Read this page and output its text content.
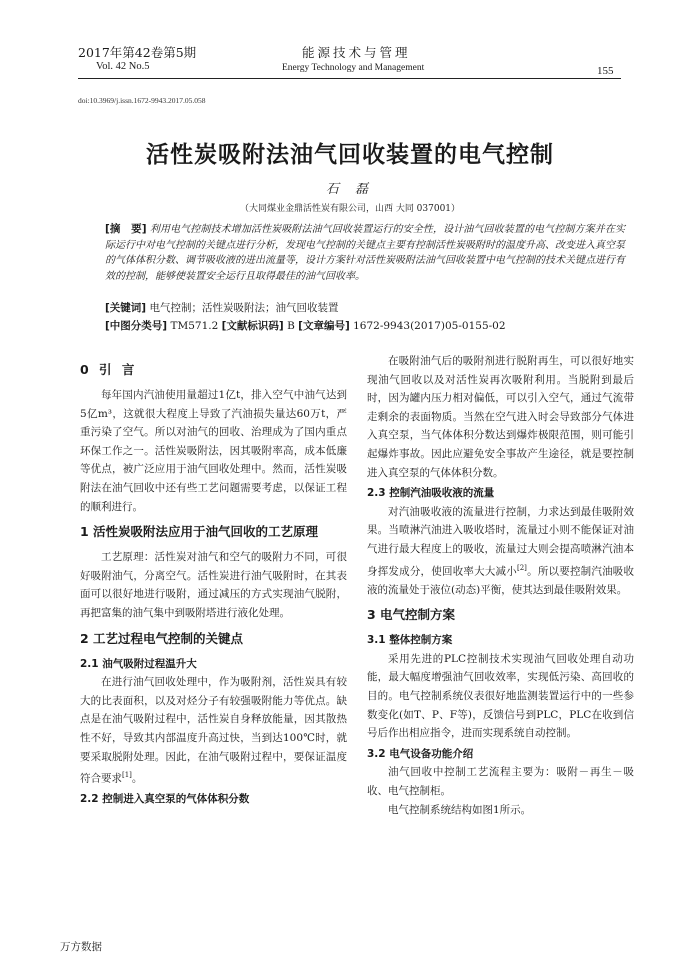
2017年第42卷第5期
Vol. 42 No.5
能源技术与管理
Energy Technology and Management	155
doi:10.3969/j.issn.1672-9943.2017.05.058
活性炭吸附法油气回收装置的电气控制
石 磊
（大同煤业金鼎活性炭有限公司，山西 大同 037001）

[摘　要] 利用电气控制技术增加活性炭吸附法油气回收装置运行的安全性，设计油气回收装置的电气控制方案并在实际运行中对电气控制的关键点进行分析，发现电气控制的关键点主要有控制活性炭吸附时的温度升高、改变进入真空泵的气体体积分数、调节吸收液的进出流量等，设计方案针对活性炭吸附法油气回收装置中电气控制的技术关键点进行有效的控制，能够使装置安全运行且取得最佳的油气回收率。

[关键词] 电气控制；活性炭吸附法；油气回收装置
[中图分类号] TM571.2 [文献标识码] B [文章编号] 1672-9943(2017)05-0155-02
0 引 言

每年国内汽油使用量超过1亿t，排入空气中油气达到5亿m³，这就很大程度上导致了汽油损失量达60万t，严重污染了空气。所以对油气的回收、治理成为了国内重点环保工作之一。活性炭吸附法，因其吸附率高，成本低廉等优点，被广泛应用于油气回收处理中。然而，活性炭吸附法在油气回收中还有些工艺问题需要考虑，以保证工程的顺利进行。

1 活性炭吸附法应用于油气回收的工艺原理

工艺原理：活性炭对油气和空气的吸附力不同，可很好吸附油气，分离空气。活性炭进行油气吸附时，在其表面可以很好地进行吸附，通过减压的方式实现油气脱附，再把富集的油气集中到吸附塔进行液化处理。

2 工艺过程电气控制的关键点
2.1 油气吸附过程温升大

在进行油气回收处理中，作为吸附剂，活性炭具有较大的比表面积，以及对烃分子有较强吸附能力等优点。缺点是在油气吸附过程中，活性炭自身释放能量，因其散热性不好，导致其内部温度升高过快，当到达100℃时，就要采取脱附处理。因此，在油气吸附过程中，要保证温度符合要求[1]。

2.2 控制进入真空泵的气体体积分数

在吸附油气后的吸附剂进行脱附再生，可以很好地实现油气回收以及对活性炭再次吸附利用。当脱附到最后时，因为罐内压力相对偏低，可以引入空气，通过气流带走剩余的表面物质。当然在空气进入时会导致部分气体进入真空泵，当气体体积分数达到爆炸极限范围，则可能引起爆炸事故。因此应避免安全事故产生途径，就是要控制进入真空泵的气体体积分数。

2.3 控制汽油吸收液的流量

对汽油吸收液的流量进行控制，力求达到最佳吸附效果。当喷淋汽油进入吸收塔时，流量过小则不能保证对油气进行最大程度上的吸收，流量过大则会提高喷淋汽油本身挥发成分，使回收率大大减小[2]。所以要控制汽油吸收液的流量处于液位(动态)平衡，使其达到最佳吸附效果。

3 电气控制方案
3.1 整体控制方案

采用先进的PLC控制技术实现油气回收处理自动功能，最大幅度增强油气回收效率，实现低污染、高回收的目的。电气控制系统仪表很好地监测装置运行中的一些参数变化(如T、P、F等)，反馈信号到PLC，PLC在收到信号后作出相应指令，进而实现系统自动控制。

3.2 电气设备功能介绍

油气回收中控制工艺流程主要为：吸附－再生－吸收、电气控制柜。

电气控制系统结构如图1所示。

万方数据
